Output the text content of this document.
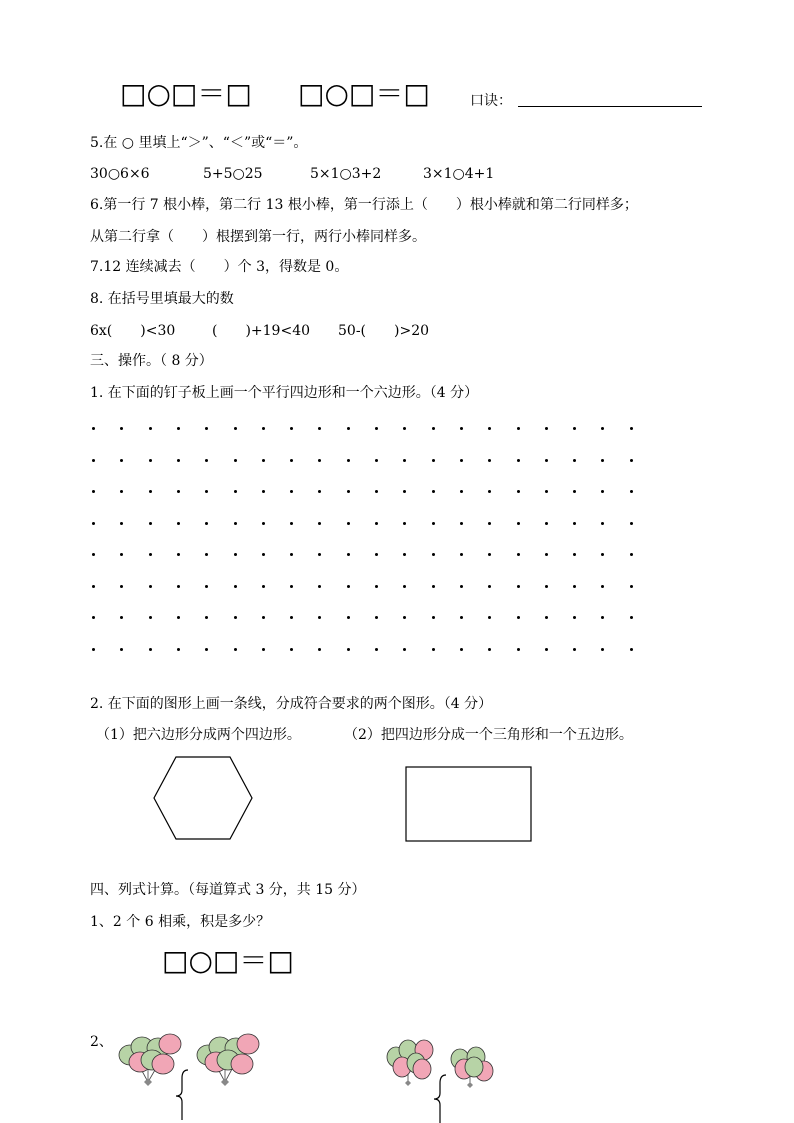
□○□＝□ □○□＝□	口诀：
5.在 ○ 里填上“＞”、“＜”或“＝”。
30○6×6	5+5○25	5×1○3+2	3×1○4+1
6.第一行 7 根小棒，第二行 13 根小棒，第一行添上（　　）根小棒就和第二行同样多；
从第二行拿（　　）根摆到第一行，两行小棒同样多。
7.12 连续减去（　　）个 3，得数是 0。
8. 在括号里填最大的数
6x(　　)<30	(　　)+19<40 50-(　　)>20
三、操作。（ 8 分）
1. 在下面的钉子板上画一个平行四边形和一个六边形。（4 分）
2. 在下面的图形上画一条线，分成符合要求的两个图形。（4 分）
（1）把六边形分成两个四边形。	（2）把四边形分成一个三角形和一个五边形。
四、列式计算。（每道算式 3 分，共 15 分）
1、2 个 6 相乘，积是多少？
□○□＝□
2、
